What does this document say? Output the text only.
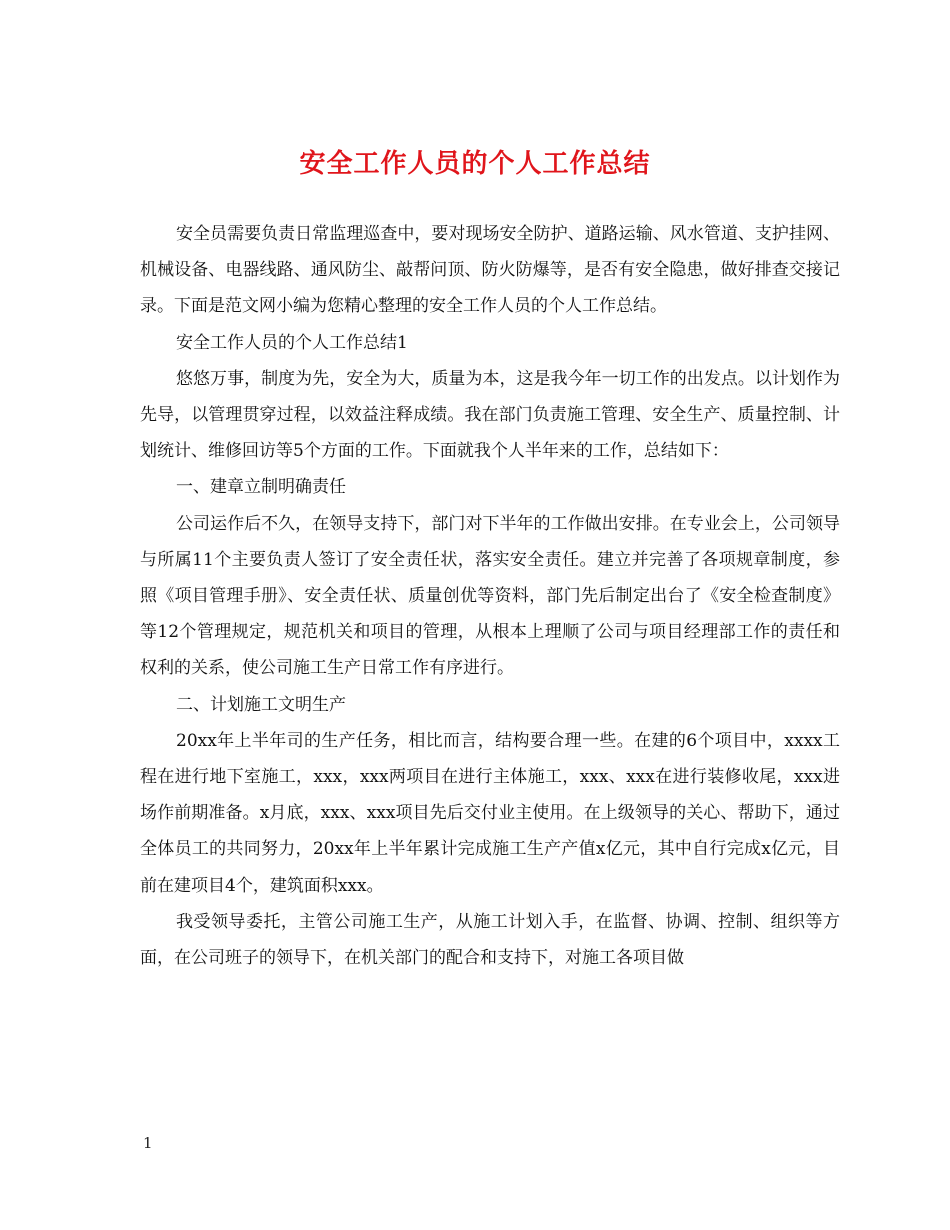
安全工作人员的个人工作总结

安全员需要负责日常监理巡查中，要对现场安全防护、道路运输、风水管道、支护挂网、机械设备、电器线路、通风防尘、敲帮问顶、防火防爆等，是否有安全隐患，做好排查交接记录。下面是范文网小编为您精心整理的安全工作人员的个人工作总结。

安全工作人员的个人工作总结1

悠悠万事，制度为先，安全为大，质量为本，这是我今年一切工作的出发点。以计划作为先导，以管理贯穿过程，以效益注释成绩。我在部门负责施工管理、安全生产、质量控制、计划统计、维修回访等5个方面的工作。下面就我个人半年来的工作，总结如下：

一、建章立制明确责任

公司运作后不久，在领导支持下，部门对下半年的工作做出安排。在专业会上，公司领导与所属11个主要负责人签订了安全责任状，落实安全责任。建立并完善了各项规章制度，参照《项目管理手册》、安全责任状、质量创优等资料，部门先后制定出台了《安全检查制度》等12个管理规定，规范机关和项目的管理，从根本上理顺了公司与项目经理部工作的责任和权利的关系，使公司施工生产日常工作有序进行。

二、计划施工文明生产

20xx年上半年司的生产任务，相比而言，结构要合理一些。在建的6个项目中，xxxx工程在进行地下室施工，xxx，xxx两项目在进行主体施工，xxx、xxx在进行装修收尾，xxx进场作前期准备。x月底，xxx、xxx项目先后交付业主使用。在上级领导的关心、帮助下，通过全体员工的共同努力，20xx年上半年累计完成施工生产产值x亿元，其中自行完成x亿元，目前在建项目4个，建筑面积xxx。

我受领导委托，主管公司施工生产，从施工计划入手，在监督、协调、控制、组织等方面，在公司班子的领导下，在机关部门的配合和支持下，对施工各项目做

1
